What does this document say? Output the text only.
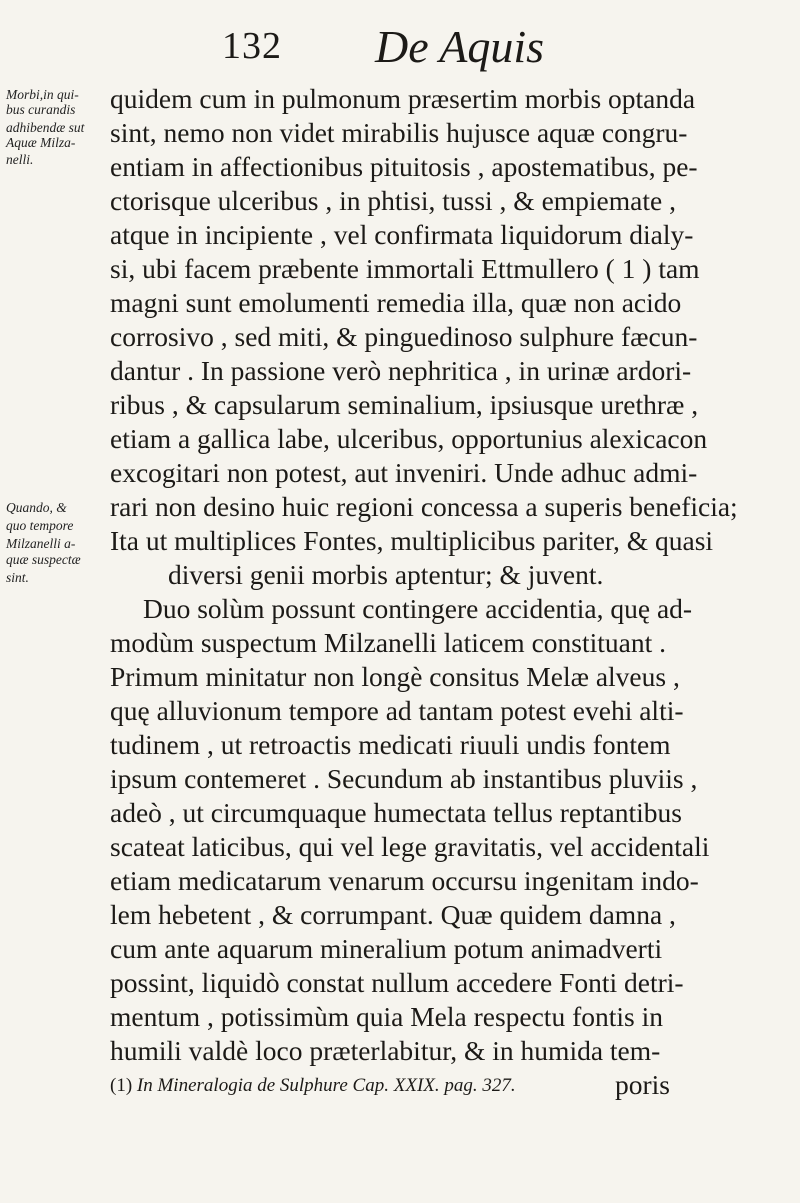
132 De Aquis
Morbi,in qui-
bus curandis
adhibendæ sut
Aquæ Milza-
nelli.
Quando, &
quo tempore
Milzanelli a-
quæ suspectæ
sint.
quidem cum in pulmonum præsertim morbis optanda
sint, nemo non videt mirabilis hujusce aquæ congru-
entiam in affectionibus pituitosis , apostematibus, pe-
ctorisque ulceribus , in phtisi, tussi , & empiemate ,
atque in incipiente , vel confirmata liquidorum dialy-
si, ubi facem præbente immortali Ettmullero ( 1 ) tam
magni sunt emolumenti remedia illa, quæ non acido
corrosivo , sed miti, & pinguedinoso sulphure fæcun-
dantur . In passione verò nephritica , in urinæ ardori-
ribus , & capsularum seminalium, ipsiusque urethræ ,
etiam a gallica labe, ulceribus, opportunius alexicacon
excogitari non potest, aut inveniri. Unde adhuc admi-
rari non desino huic regioni concessa a superis beneficia;
Ita ut multiplices Fontes, multiplicibus pariter, & quasi
diversi genii morbis aptentur; & juvent.
Duo solùm possunt contingere accidentia, quę ad-
modùm suspectum Milzanelli laticem constituant .
Primum minitatur non longè consitus Melæ alveus ,
quę alluvionum tempore ad tantam potest evehi alti-
tudinem , ut retroactis medicati riuuli undis fontem
ipsum contemeret . Secundum ab instantibus pluviis ,
adeò , ut circumquaque humectata tellus reptantibus
scateat laticibus, qui vel lege gravitatis, vel accidentali
etiam medicatarum venarum occursu ingenitam indo-
lem hebetent , & corrumpant. Quæ quidem damna ,
cum ante aquarum mineralium potum animadverti
possint, liquidò constat nullum accedere Fonti detri-
mentum , potissimùm quia Mela respectu fontis in
humili valdè loco præterlabitur, & in humida tem-
poris
(1) In Mineralogia de Sulphure Cap. XXIX. pag. 327.
